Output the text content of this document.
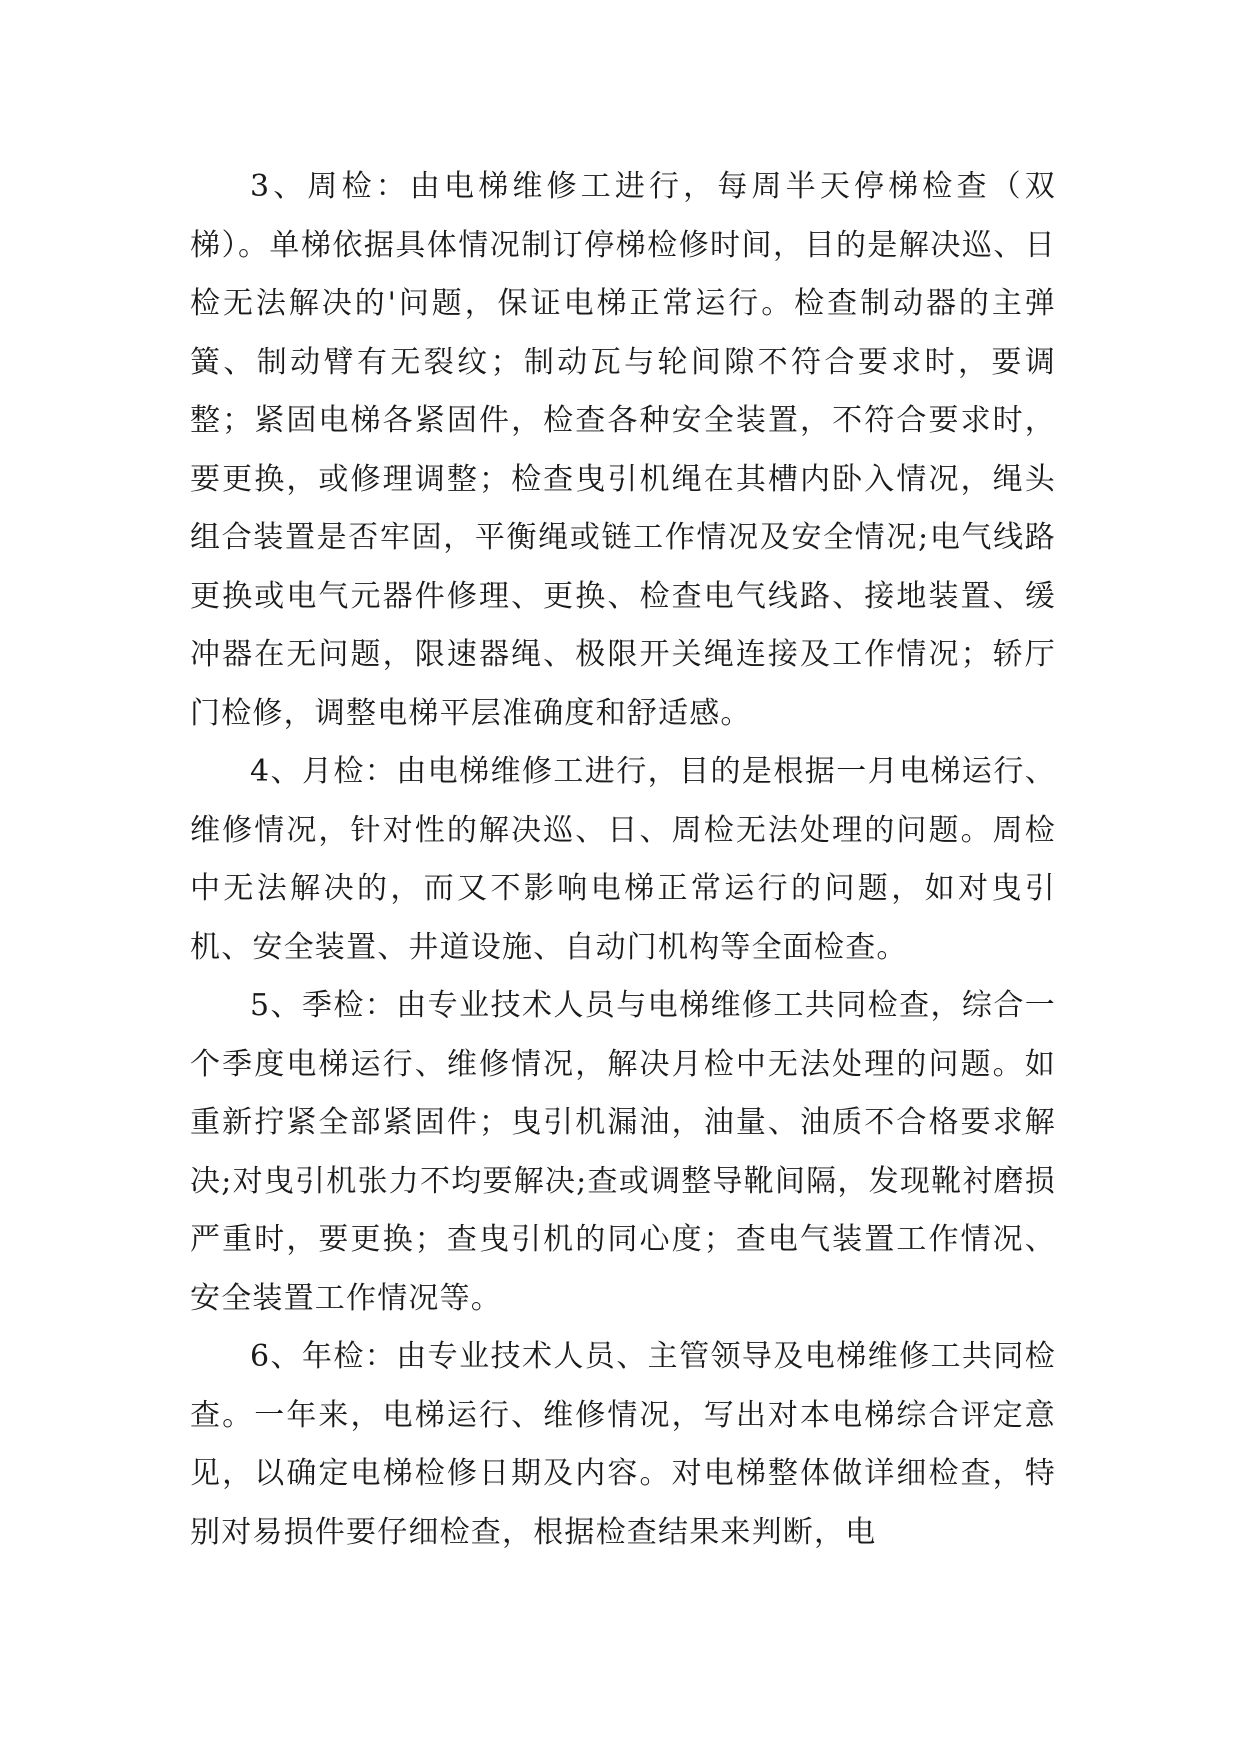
3、周检：由电梯维修工进行，每周半天停梯检查（双梯）。单梯依据具体情况制订停梯检修时间，目的是解决巡、日检无法解决的'问题，保证电梯正常运行。检查制动器的主弹簧、制动臂有无裂纹；制动瓦与轮间隙不符合要求时，要调整；紧固电梯各紧固件，检查各种安全装置，不符合要求时，要更换，或修理调整；检查曳引机绳在其槽内卧入情况，绳头组合装置是否牢固，平衡绳或链工作情况及安全情况;电气线路更换或电气元器件修理、更换、检查电气线路、接地装置、缓冲器在无问题，限速器绳、极限开关绳连接及工作情况；轿厅门检修，调整电梯平层准确度和舒适感。

4、月检：由电梯维修工进行，目的是根据一月电梯运行、维修情况，针对性的解决巡、日、周检无法处理的问题。周检中无法解决的，而又不影响电梯正常运行的问题，如对曳引机、安全装置、井道设施、自动门机构等全面检查。

5、季检：由专业技术人员与电梯维修工共同检查，综合一个季度电梯运行、维修情况，解决月检中无法处理的问题。如重新拧紧全部紧固件；曳引机漏油，油量、油质不合格要求解决;对曳引机张力不均要解决;查或调整导靴间隔，发现靴衬磨损严重时，要更换；查曳引机的同心度；查电气装置工作情况、安全装置工作情况等。

6、年检：由专业技术人员、主管领导及电梯维修工共同检查。一年来，电梯运行、维修情况，写出对本电梯综合评定意见，以确定电梯检修日期及内容。对电梯整体做详细检查，特别对易损件要仔细检查，根据检查结果来判断，电
